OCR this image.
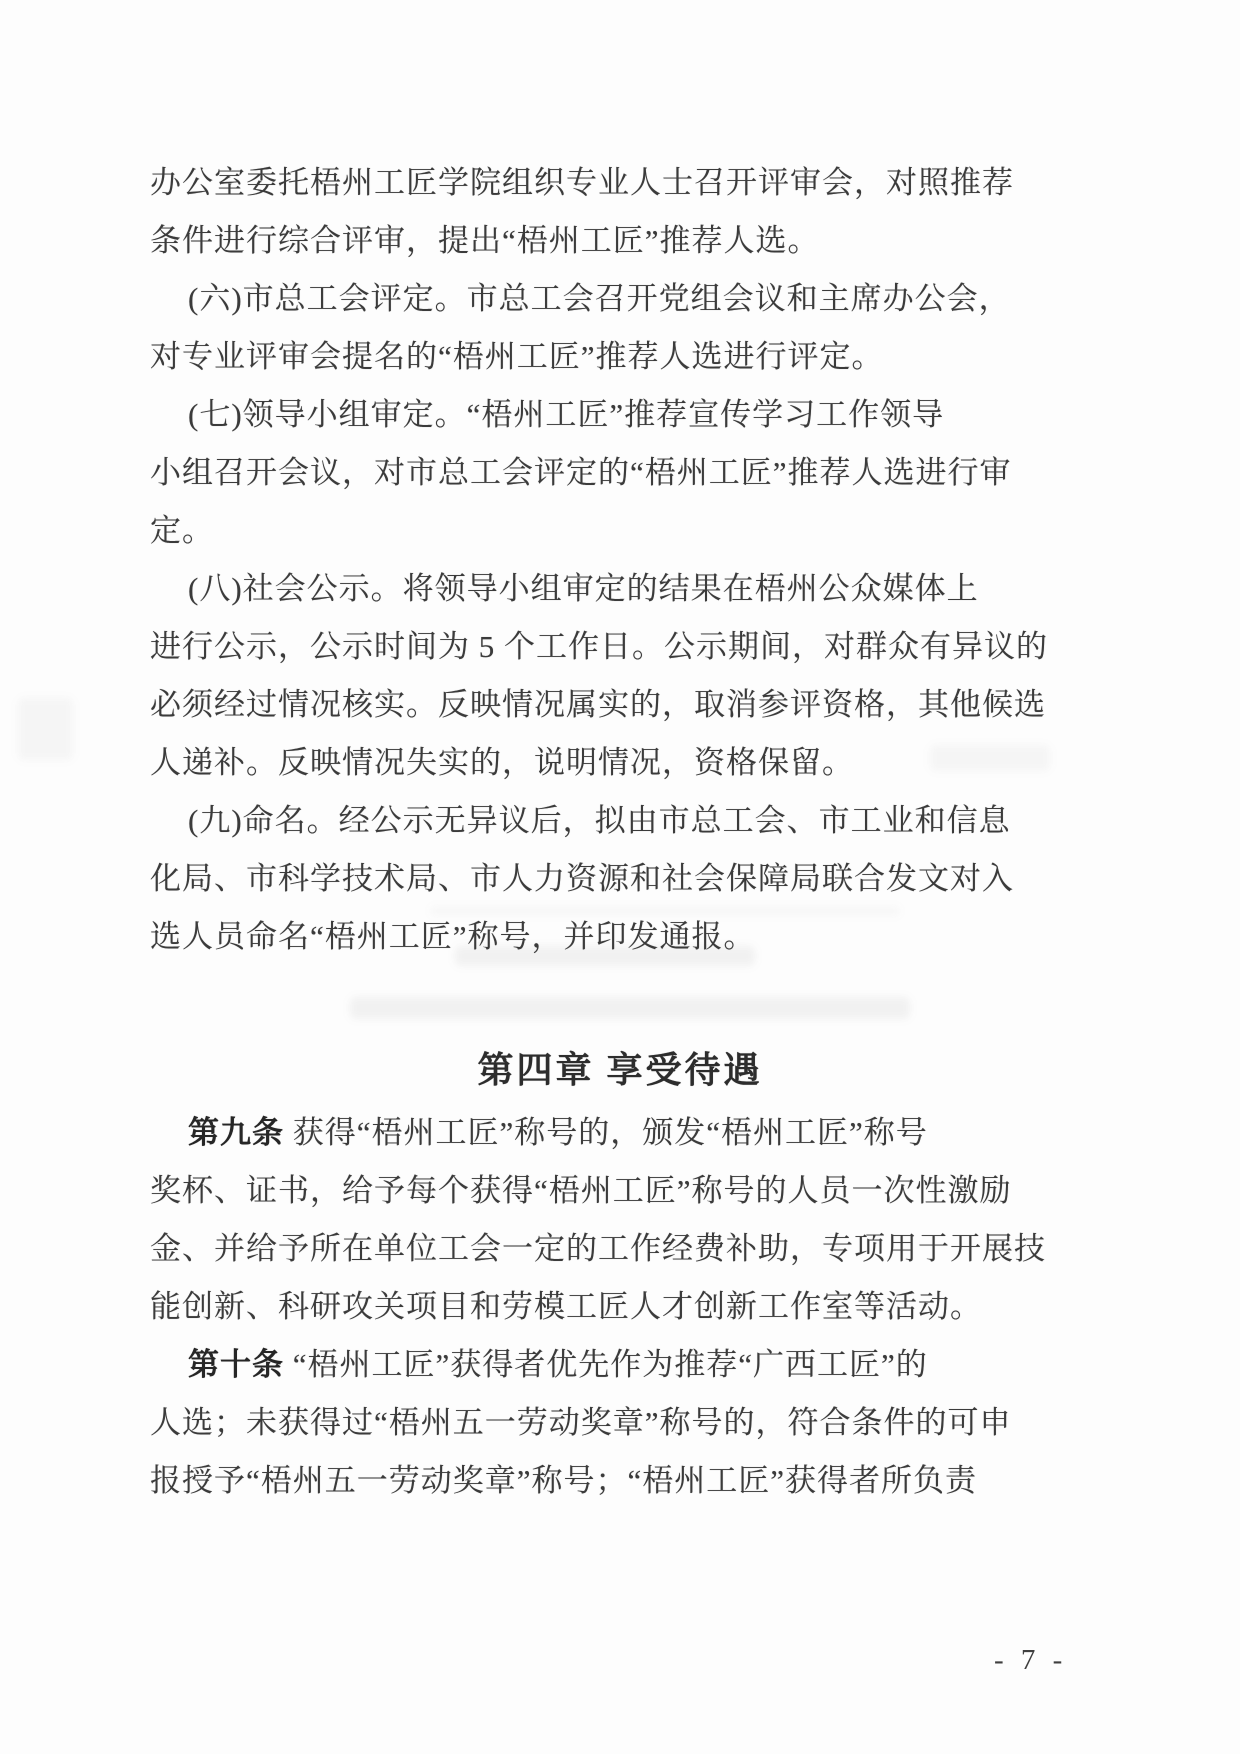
第四章 享受待遇
- 7 -
办公室委托梧州工匠学院组织专业人士召开评审会，对照推荐
条件进行综合评审，提出“梧州工匠”推荐人选。
(六)市总工会评定。市总工会召开党组会议和主席办公会，
对专业评审会提名的“梧州工匠”推荐人选进行评定。
(七)领导小组审定。“梧州工匠”推荐宣传学习工作领导
小组召开会议，对市总工会评定的“梧州工匠”推荐人选进行审
定。
(八)社会公示。将领导小组审定的结果在梧州公众媒体上
进行公示，公示时间为 5 个工作日。公示期间，对群众有异议的
必须经过情况核实。反映情况属实的，取消参评资格，其他候选
人递补。反映情况失实的，说明情况，资格保留。
(九)命名。经公示无异议后，拟由市总工会、市工业和信息
化局、市科学技术局、市人力资源和社会保障局联合发文对入
选人员命名“梧州工匠”称号，并印发通报。
第九条 获得“梧州工匠”称号的，颁发“梧州工匠”称号
奖杯、证书，给予每个获得“梧州工匠”称号的人员一次性激励
金、并给予所在单位工会一定的工作经费补助，专项用于开展技
能创新、科研攻关项目和劳模工匠人才创新工作室等活动。
第十条 “梧州工匠”获得者优先作为推荐“广西工匠”的
人选；未获得过“梧州五一劳动奖章”称号的，符合条件的可申
报授予“梧州五一劳动奖章”称号；“梧州工匠”获得者所负责
